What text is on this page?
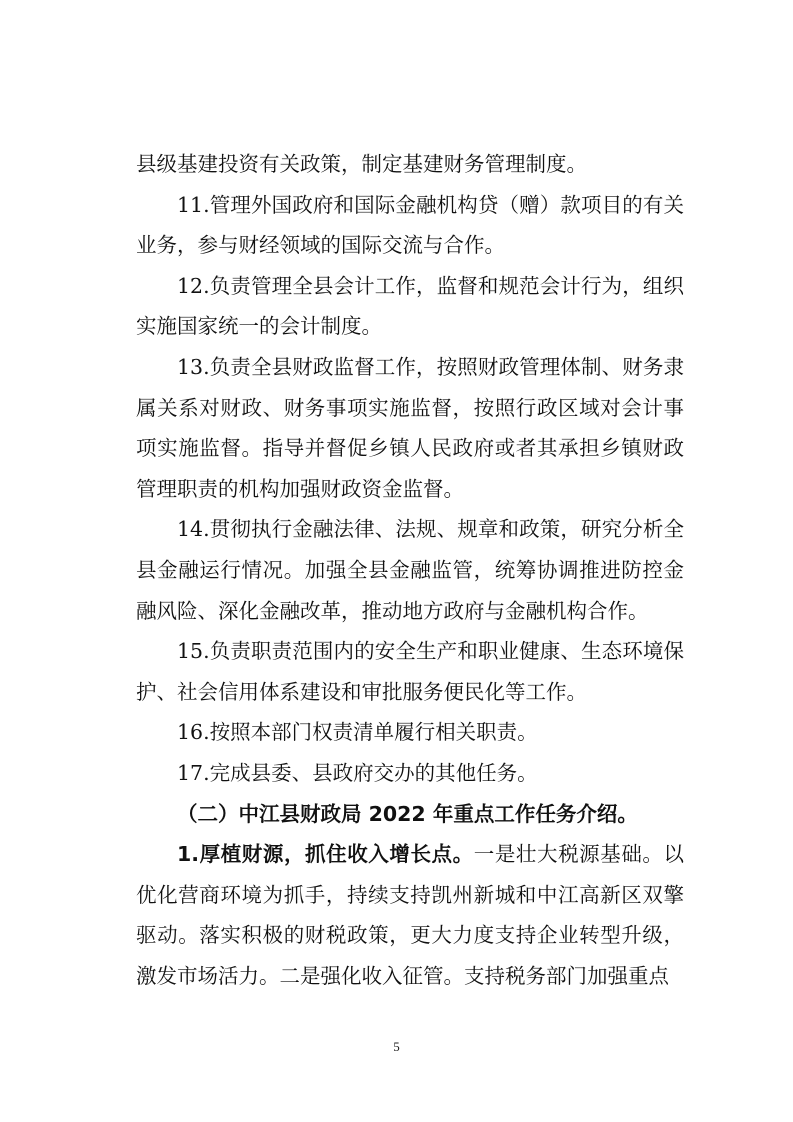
县级基建投资有关政策，制定基建财务管理制度。

11.管理外国政府和国际金融机构贷（赠）款项目的有关业务，参与财经领域的国际交流与合作。

12.负责管理全县会计工作，监督和规范会计行为，组织实施国家统一的会计制度。

13.负责全县财政监督工作，按照财政管理体制、财务隶属关系对财政、财务事项实施监督，按照行政区域对会计事项实施监督。指导并督促乡镇人民政府或者其承担乡镇财政管理职责的机构加强财政资金监督。

14.贯彻执行金融法律、法规、规章和政策，研究分析全县金融运行情况。加强全县金融监管，统筹协调推进防控金融风险、深化金融改革，推动地方政府与金融机构合作。

15.负责职责范围内的安全生产和职业健康、生态环境保护、社会信用体系建设和审批服务便民化等工作。

16.按照本部门权责清单履行相关职责。

17.完成县委、县政府交办的其他任务。

（二）中江县财政局 2022 年重点工作任务介绍。

1.厚植财源，抓住收入增长点。一是壮大税源基础。以优化营商环境为抓手，持续支持凯州新城和中江高新区双擎驱动。落实积极的财税政策，更大力度支持企业转型升级，激发市场活力。二是强化收入征管。支持税务部门加强重点

5
